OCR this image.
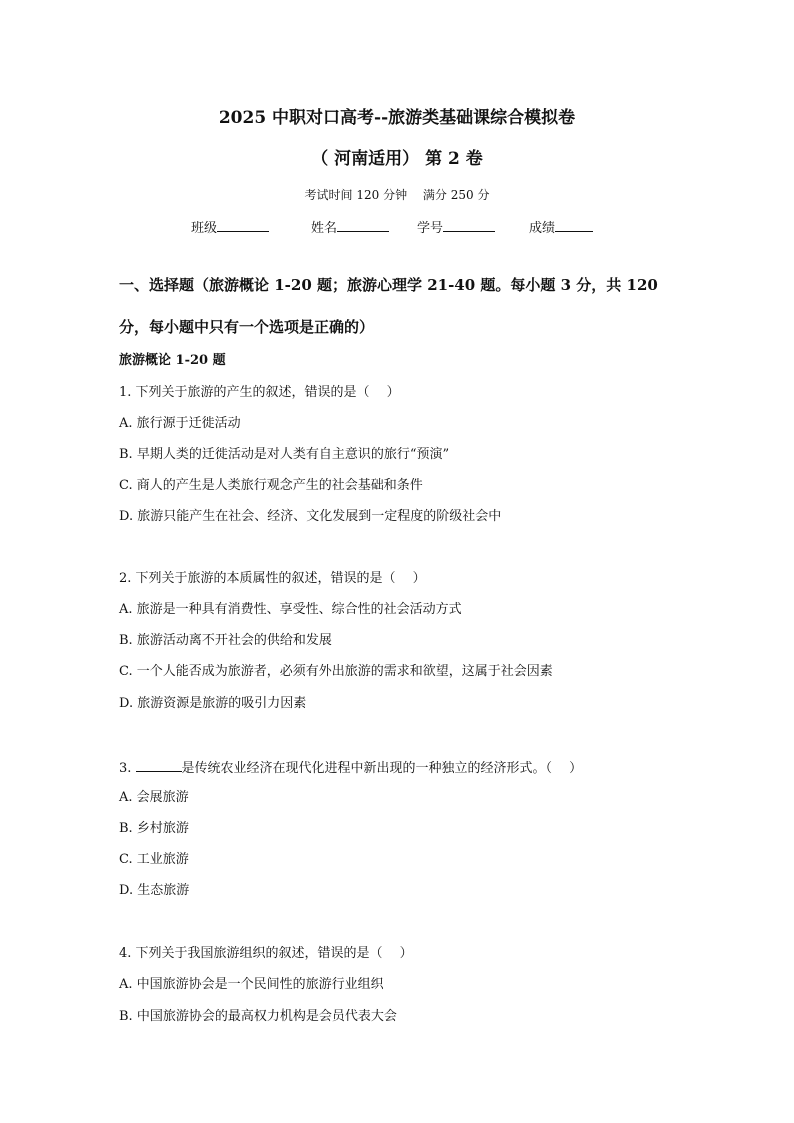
2025 中职对口高考--旅游类基础课综合模拟卷
（ 河南适用） 第 2 卷
考试时间 120 分钟 满分 250 分
班级	姓名	学号	成绩
一、选择题（旅游概论 1-20 题；旅游心理学 21-40 题。每小题 3 分，共 120
分，每小题中只有一个选项是正确的）
旅游概论 1-20 题
1. 下列关于旅游的产生的叙述，错误的是（　 ）
A. 旅行源于迁徙活动
B. 早期人类的迁徙活动是对人类有自主意识的旅行“预演”
C. 商人的产生是人类旅行观念产生的社会基础和条件
D. 旅游只能产生在社会、经济、文化发展到一定程度的阶级社会中
2. 下列关于旅游的本质属性的叙述，错误的是（　 ）
A. 旅游是一种具有消费性、享受性、综合性的社会活动方式
B. 旅游活动离不开社会的供给和发展
C. 一个人能否成为旅游者，必须有外出旅游的需求和欲望，这属于社会因素
D. 旅游资源是旅游的吸引力因素
3.	是传统农业经济在现代化进程中新出现的一种独立的经济形式。（　 ）
A. 会展旅游
B. 乡村旅游
C. 工业旅游
D. 生态旅游
4. 下列关于我国旅游组织的叙述，错误的是（　 ）
A. 中国旅游协会是一个民间性的旅游行业组织
B. 中国旅游协会的最高权力机构是会员代表大会
